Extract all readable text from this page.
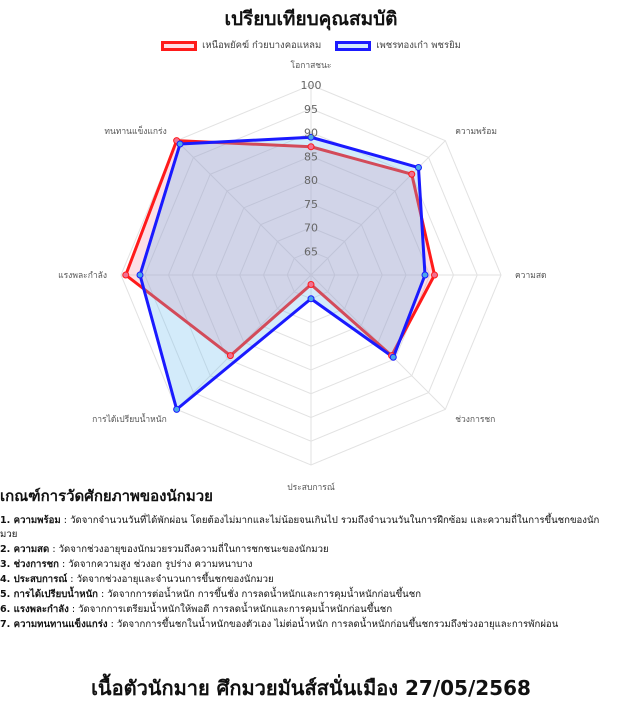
เปรียบเทียบคุณสมบัติ
เหนือพยัคฆ์ ก๋วยบางคอแหลม	เพชรทองเก๋า พชรยิม
65
70
75
80
85
90
95
100
โอกาสชนะ
ความพร้อม
ความสด
ช่วงการชก
ประสบการณ์
การได้เปรียบน้ำหนัก
แรงพละกำลัง
ทนทานแข็งแกร่ง
เกณฑ์การวัดศักยภาพของนักมวย
1. ความพร้อม : วัดจากจำนวนวันที่ได้พักผ่อน โดยต้องไม่มากและไม่น้อยจนเกินไป รวมถึงจำนวนวันในการฝึกซ้อม และความถี่ในการขึ้นชกของนักมวย
2. ความสด : วัดจากช่วงอายุของนักมวยรวมถึงความถี่ในการชกชนะของนักมวย
3. ช่วงการชก : วัดจากความสูง ช่วงอก รูปร่าง ความหนาบาง
4. ประสบการณ์ : วัดจากช่วงอายุและจำนวนการขึ้นชกของนักมวย
5. การได้เปรียบน้ำหนัก : วัดจากการต่อน้ำหนัก การขึ้นชั่ง การลดน้ำหนักและการคุมน้ำหนักก่อนขึ้นชก
6. แรงพละกำลัง : วัดจากการเตรียมน้ำหนักให้พอดี การลดน้ำหนักและการคุมน้ำหนักก่อนขึ้นชก
7. ความทนทานแข็งแกร่ง : วัดจากการขึ้นชกในน้ำหนักของตัวเอง ไม่ต่อน้ำหนัก การลดน้ำหนักก่อนขึ้นชกรวมถึงช่วงอายุและการพักผ่อน
เนื้อตัวนักมาย ศึกมวยมันส์สนั่นเมือง 27/05/2568
